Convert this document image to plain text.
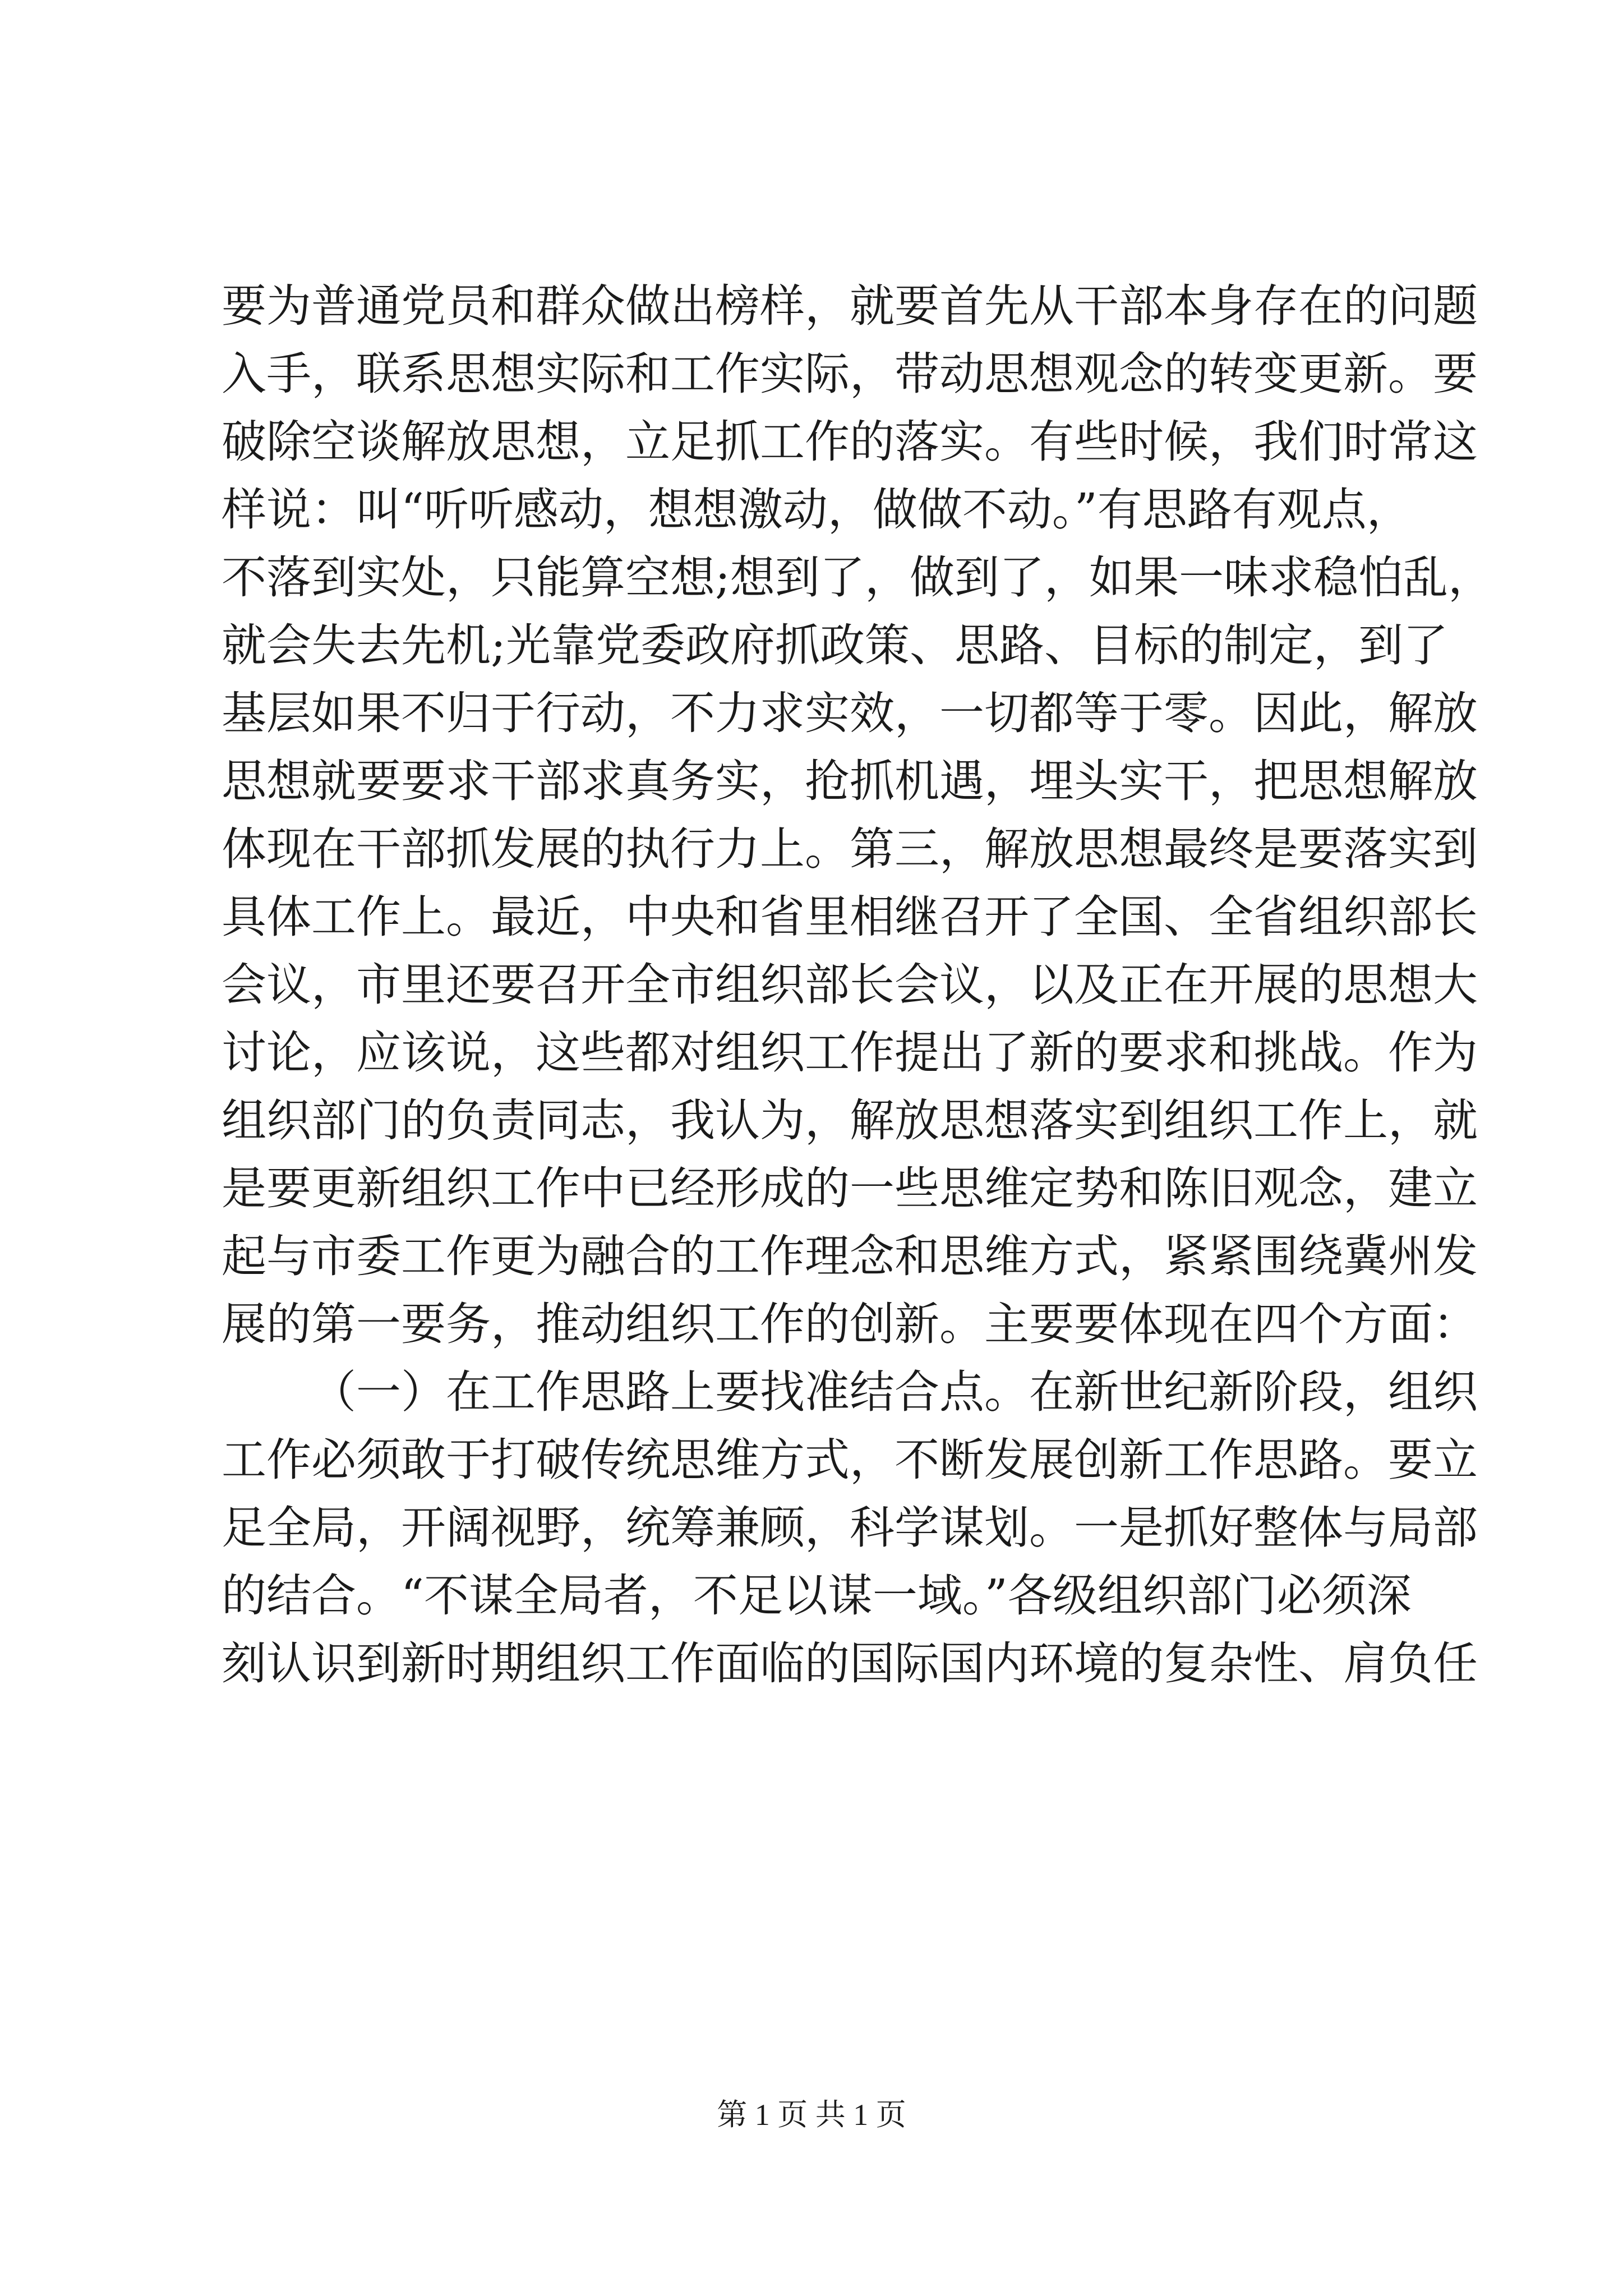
要为普通党员和群众做出榜样，就要首先从干部本身存在的问题
入手，联系思想实际和工作实际，带动思想观念的转变更新。要
破除空谈解放思想，立足抓工作的落实。有些时候，我们时常这
样说：叫“听听感动，想想激动，做做不动。”有思路有观点，
不落到实处，只能算空想;想到了，做到了，如果一味求稳怕乱，
就会失去先机;光靠党委政府抓政策、思路、目标的制定，到了
基层如果不归于行动，不力求实效，一切都等于零。因此，解放
思想就要要求干部求真务实，抢抓机遇，埋头实干，把思想解放
体现在干部抓发展的执行力上。第三，解放思想最终是要落实到
具体工作上。最近，中央和省里相继召开了全国、全省组织部长
会议，市里还要召开全市组织部长会议，以及正在开展的思想大
讨论，应该说，这些都对组织工作提出了新的要求和挑战。作为
组织部门的负责同志，我认为，解放思想落实到组织工作上，就
是要更新组织工作中已经形成的一些思维定势和陈旧观念，建立
起与市委工作更为融合的工作理念和思维方式，紧紧围绕冀州发
展的第一要务，推动组织工作的创新。主要要体现在四个方面：
（一）在工作思路上要找准结合点。在新世纪新阶段，组织
工作必须敢于打破传统思维方式，不断发展创新工作思路。要立
足全局，开阔视野，统筹兼顾，科学谋划。一是抓好整体与局部
的结合。“不谋全局者，不足以谋一域。”各级组织部门必须深
刻认识到新时期组织工作面临的国际国内环境的复杂性、肩负任
第 1 页 共 1 页
